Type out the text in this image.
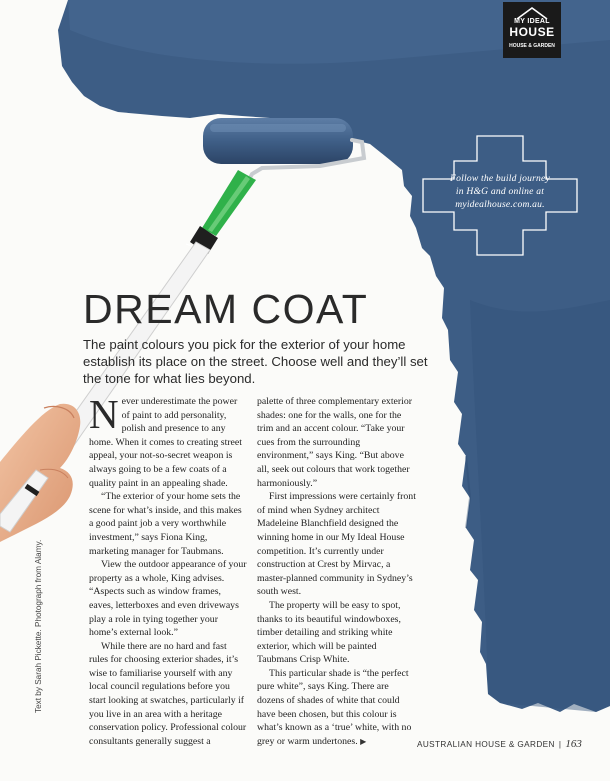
MY IDEAL
HOUSE
HOUSE & GARDEN
Follow the build journey
in H&G and online at
myidealhouse.com.au.
DREAM COAT

The paint colours you pick for the exterior of your home establish its place on the street. Choose well and they’ll set the tone for what lies beyond.

Never underestimate the power of paint to add personality, polish and presence to any home. When it comes to creating street appeal, your not-so-secret weapon is always going to be a few coats of a quality paint in an appealing shade.

“The exterior of your home sets the scene for what’s inside, and this makes a good paint job a very worthwhile investment,” says Fiona King, marketing manager for Taubmans.

View the outdoor appearance of your property as a whole, King advises. “Aspects such as window frames, eaves, letterboxes and even driveways play a role in tying together your home’s external look.”

While there are no hard and fast rules for choosing exterior shades, it’s wise to familiarise yourself with any local council regulations before you start looking at swatches, particularly if you live in an area with a heritage conservation policy. Professional colour consultants generally suggest a

palette of three complementary exterior shades: one for the walls, one for the trim and an accent colour. “Take your cues from the surrounding environment,” says King. “But above all, seek out colours that work together harmoniously.”

First impressions were certainly front of mind when Sydney architect Madeleine Blanchfield designed the winning home in our My Ideal House competition. It’s currently under construction at Crest by Mirvac, a master-planned community in Sydney’s south west.

The property will be easy to spot, thanks to its beautiful windowboxes, timber detailing and striking white exterior, which will be painted Taubmans Crisp White.

This particular shade is “the perfect pure white”, says King. There are dozens of shades of white that could have been chosen, but this colour is what’s known as a ‘true’ white, with no grey or warm undertones. ▶

Text by Sarah Pickette. Photograph from Alamy.
AUSTRALIAN HOUSE & GARDEN | 163
